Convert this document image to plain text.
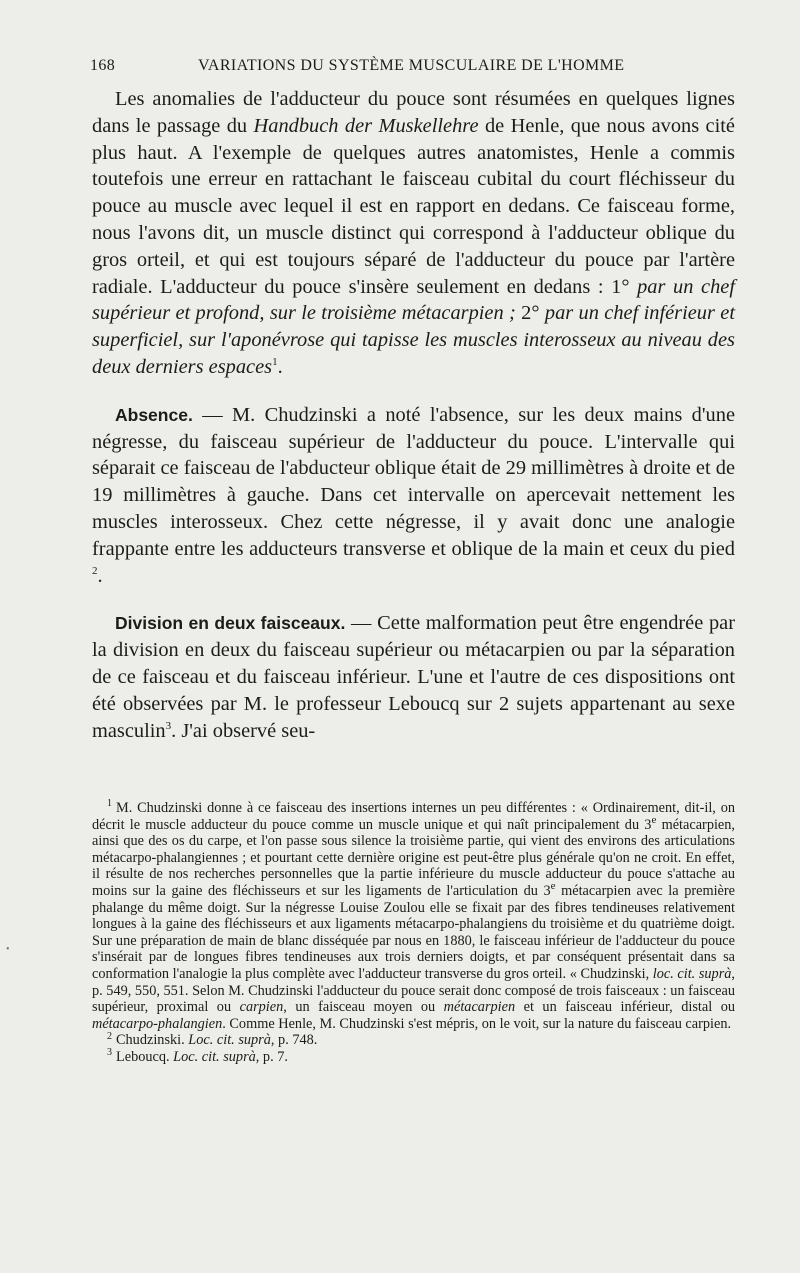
168	VARIATIONS DU SYSTÈME MUSCULAIRE DE L'HOMME

Les anomalies de l'adducteur du pouce sont résumées en quelques lignes dans le passage du Handbuch der Muskellehre de Henle, que nous avons cité plus haut. A l'exemple de quelques autres anatomistes, Henle a commis toutefois une erreur en rattachant le faisceau cubital du court fléchisseur du pouce au muscle avec lequel il est en rapport en dedans. Ce faisceau forme, nous l'avons dit, un muscle distinct qui correspond à l'adducteur oblique du gros orteil, et qui est toujours séparé de l'adducteur du pouce par l'artère radiale. L'adducteur du pouce s'insère seulement en dedans : 1° par un chef supérieur et profond, sur le troisième métacarpien ; 2° par un chef inférieur et superficiel, sur l'aponévrose qui tapisse les muscles interosseux au niveau des deux derniers espaces$^1$.

Absence. — M. Chudzinski a noté l'absence, sur les deux mains d'une négresse, du faisceau supérieur de l'adducteur du pouce. L'intervalle qui séparait ce faisceau de l'abducteur oblique était de 29 millimètres à droite et de 19 millimètres à gauche. Dans cet intervalle on apercevait nettement les muscles interosseux. Chez cette négresse, il y avait donc une analogie frappante entre les adducteurs transverse et oblique de la main et ceux du pied $^2$.

Division en deux faisceaux. — Cette malformation peut être engendrée par la division en deux du faisceau supérieur ou métacarpien ou par la séparation de ce faisceau et du faisceau inférieur. L'une et l'autre de ces dispositions ont été observées par M. le professeur Leboucq sur 2 sujets appartenant au sexe masculin$^3$. J'ai observé seu-

$^1$ M. Chudzinski donne à ce faisceau des insertions internes un peu différentes : « Ordinairement, dit-il, on décrit le muscle adducteur du pouce comme un muscle unique et qui naît principalement du 3e métacarpien, ainsi que des os du carpe, et l'on passe sous silence la troisième partie, qui vient des environs des articulations métacarpo-phalangiennes ; et pourtant cette dernière origine est peut-être plus générale qu'on ne croit. En effet, il résulte de nos recherches personnelles que la partie inférieure du muscle adducteur du pouce s'attache au moins sur la gaine des fléchisseurs et sur les ligaments de l'articulation du 3e métacarpien avec la première phalange du même doigt. Sur la négresse Louise Zoulou elle se fixait par des fibres tendineuses relativement longues à la gaine des fléchisseurs et aux ligaments métacarpo-phalangiens du troisième et du quatrième doigt. Sur une préparation de main de blanc disséquée par nous en 1880, le faisceau inférieur de l'adducteur du pouce s'insérait par de longues fibres tendineuses aux trois derniers doigts, et par conséquent présentait dans sa conformation l'analogie la plus complète avec l'adducteur transverse du gros orteil. « Chudzinski, loc. cit. suprà, p. 549, 550, 551. Selon M. Chudzinski l'adducteur du pouce serait donc composé de trois faisceaux : un faisceau supérieur, proximal ou carpien, un faisceau moyen ou métacarpien et un faisceau inférieur, distal ou métacarpo-phalangien. Comme Henle, M. Chudzinski s'est mépris, on le voit, sur la nature du faisceau carpien.

$^2$ Chudzinski. Loc. cit. suprà, p. 748.

$^3$ Leboucq. Loc. cit. suprà, p. 7.

•
